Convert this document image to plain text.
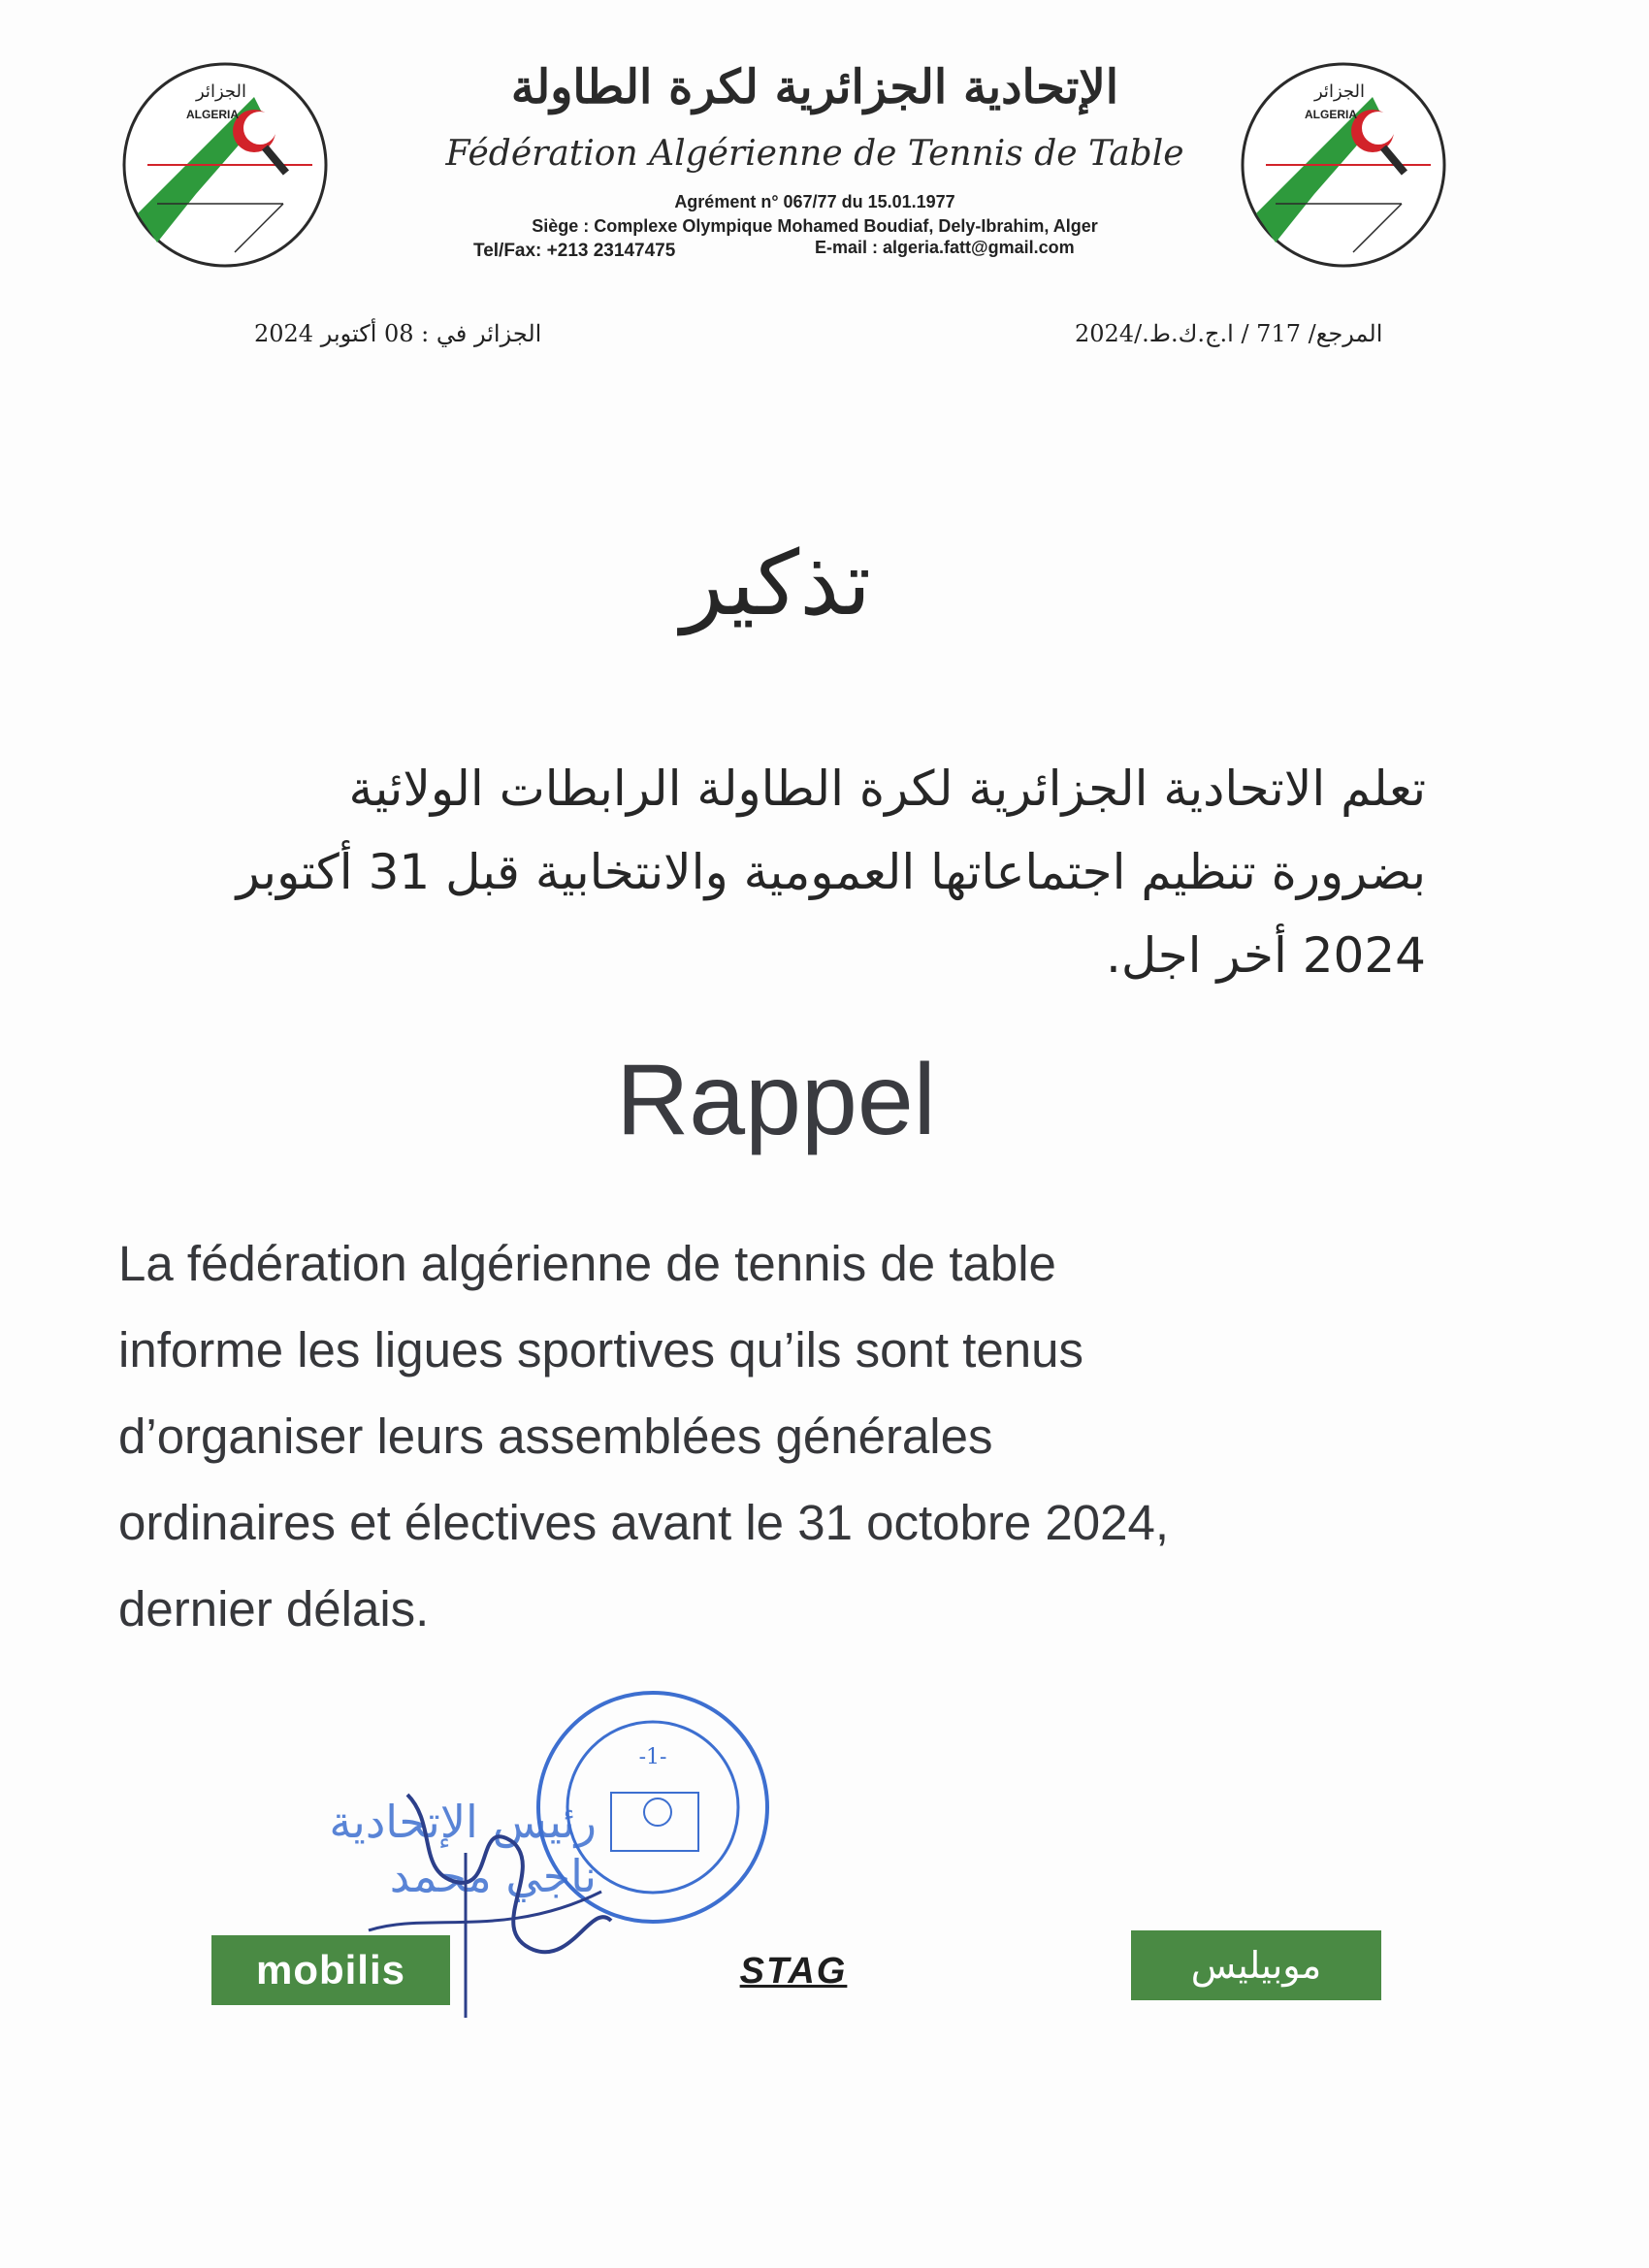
الجزائر
ALGERIA
الجزائر
ALGERIA
الإتحادية الجزائرية لكرة الطاولة
Fédération Algérienne de Tennis de Table
Agrément n° 067/77 du 15.01.1977
Siège : Complexe Olympique Mohamed Boudiaf, Dely-Ibrahim, Alger
Tel/Fax: +213 23147475	E-mail : algeria.fatt@gmail.com
الجزائر في : 08 أكتوبر 2024	المرجع/ 717 / ا.ج.ك.ط./2024
تذكير
تعلم الاتحادية الجزائرية لكرة الطاولة الرابطات الولائية
بضرورة تنظيم اجتماعاتها العمومية والانتخابية قبل 31 أكتوبر
2024 أخر اجل.
Rappel
La fédération algérienne de tennis de table
informe les ligues sportives qu’ils sont tenus
d’organiser leurs assemblées générales
ordinaires et électives avant le 31 octobre 2024,
dernier délais.
-1-
رئيس الإتحادية
ناجي محمد
mobilis	STAG	موبيليس
